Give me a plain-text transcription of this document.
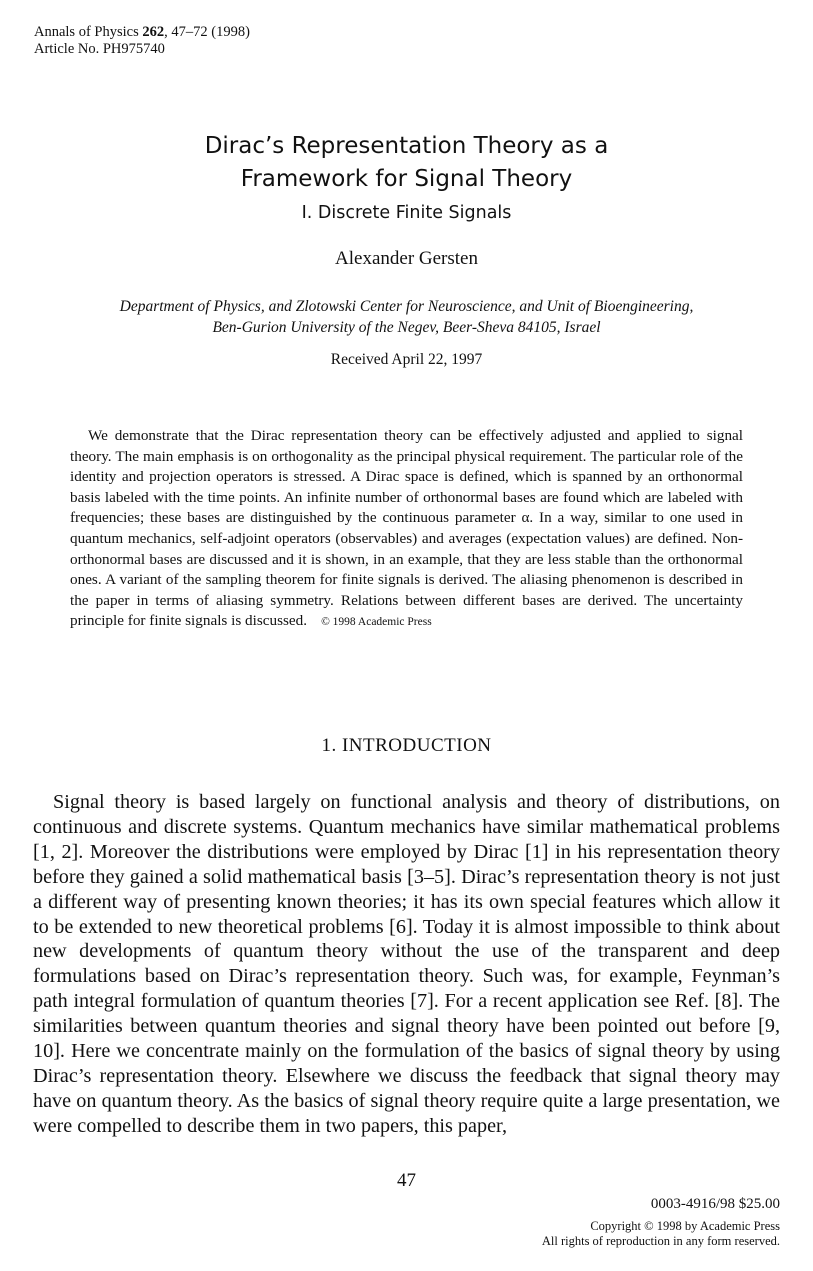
Annals of Physics 262, 47–72 (1998)
Article No. PH975740
Dirac’s Representation Theory as a
Framework for Signal Theory
I. Discrete Finite Signals
Alexander Gersten
Department of Physics, and Zlotowski Center for Neuroscience, and Unit of Bioengineering,
Ben-Gurion University of the Negev, Beer-Sheva 84105, Israel
Received April 22, 1997
We demonstrate that the Dirac representation theory can be effectively adjusted and applied to signal theory. The main emphasis is on orthogonality as the principal physical requirement. The particular role of the identity and projection operators is stressed. A Dirac space is defined, which is spanned by an orthonormal basis labeled with the time points. An infinite number of orthonormal bases are found which are labeled with frequencies; these bases are distinguished by the continuous parameter α. In a way, similar to one used in quantum mechanics, self-adjoint operators (observables) and averages (expectation values) are defined. Non-orthonormal bases are discussed and it is shown, in an example, that they are less stable than the orthonormal ones. A variant of the sampling theorem for finite signals is derived. The aliasing phenomenon is described in the paper in terms of aliasing symmetry. Relations between different bases are derived. The uncertainty principle for finite signals is discussed. © 1998 Academic Press
1. INTRODUCTION
Signal theory is based largely on functional analysis and theory of distributions, on continuous and discrete systems. Quantum mechanics have similar mathematical problems [1, 2]. Moreover the distributions were employed by Dirac [1] in his representation theory before they gained a solid mathematical basis [3–5]. Dirac’s representation theory is not just a different way of presenting known theories; it has its own special features which allow it to be extended to new theoretical problems [6]. Today it is almost impossible to think about new developments of quantum theory without the use of the transparent and deep formulations based on Dirac’s representation theory. Such was, for example, Feynman’s path integral formulation of quantum theories [7]. For a recent application see Ref. [8]. The similarities between quantum theories and signal theory have been pointed out before [9, 10]. Here we concentrate mainly on the formulation of the basics of signal theory by using Dirac’s representation theory. Elsewhere we discuss the feedback that signal theory may have on quantum theory. As the basics of signal theory require quite a large presentation, we were compelled to describe them in two papers, this paper,
47
0003-4916/98 $25.00
Copyright © 1998 by Academic Press
All rights of reproduction in any form reserved.
